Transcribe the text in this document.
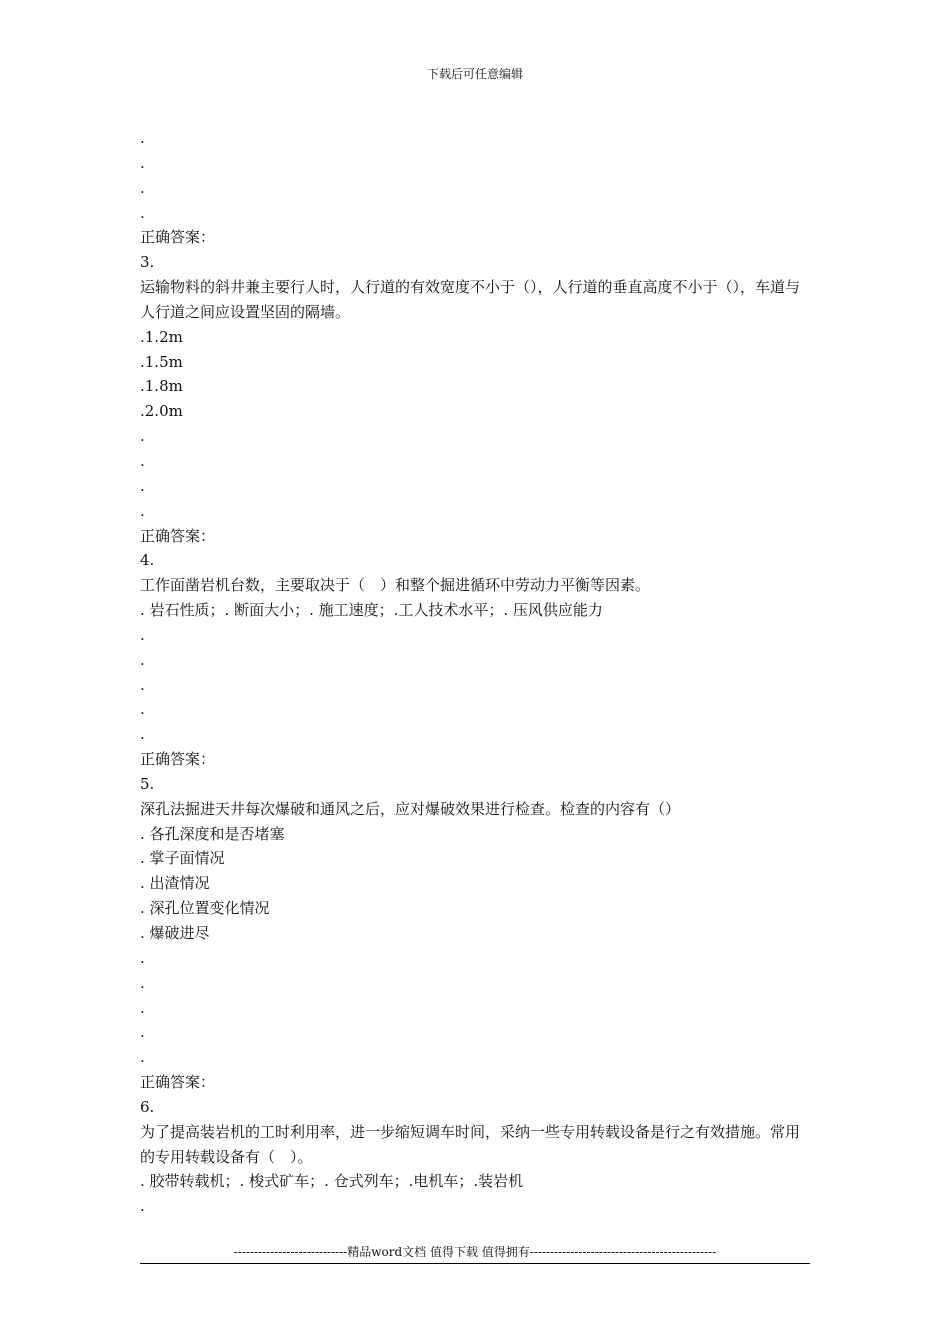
下载后可任意编辑
.
.
.
.
正确答案：
3.
运输物料的斜井兼主要行人时，人行道的有效宽度不小于（），人行道的垂直高度不小于（），车道与人行道之间应设置坚固的隔墙。
.1.2m
.1.5m
.1.8m
.2.0m
.
.
.
.
正确答案：
4.
工作面凿岩机台数，主要取决于（　）和整个掘进循环中劳动力平衡等因素。
. 岩石性质；. 断面大小；. 施工速度；.工人技术水平；. 压风供应能力
.
.
.
.
.
正确答案：
5.
深孔法掘进天井每次爆破和通风之后，应对爆破效果进行检查。检查的内容有（）
. 各孔深度和是否堵塞
. 掌子面情况
. 出渣情况
. 深孔位置变化情况
. 爆破进尽
.
.
.
.
.
正确答案：
6.
为了提高装岩机的工时利用率，进一步缩短调车时间，采纳一些专用转载设备是行之有效措施。常用的专用转载设备有（　）。
. 胶带转载机；. 梭式矿车；. 仓式列车；.电机车；.装岩机
.
----------------------------精品word文档 值得下载 值得拥有----------------------------------------------
